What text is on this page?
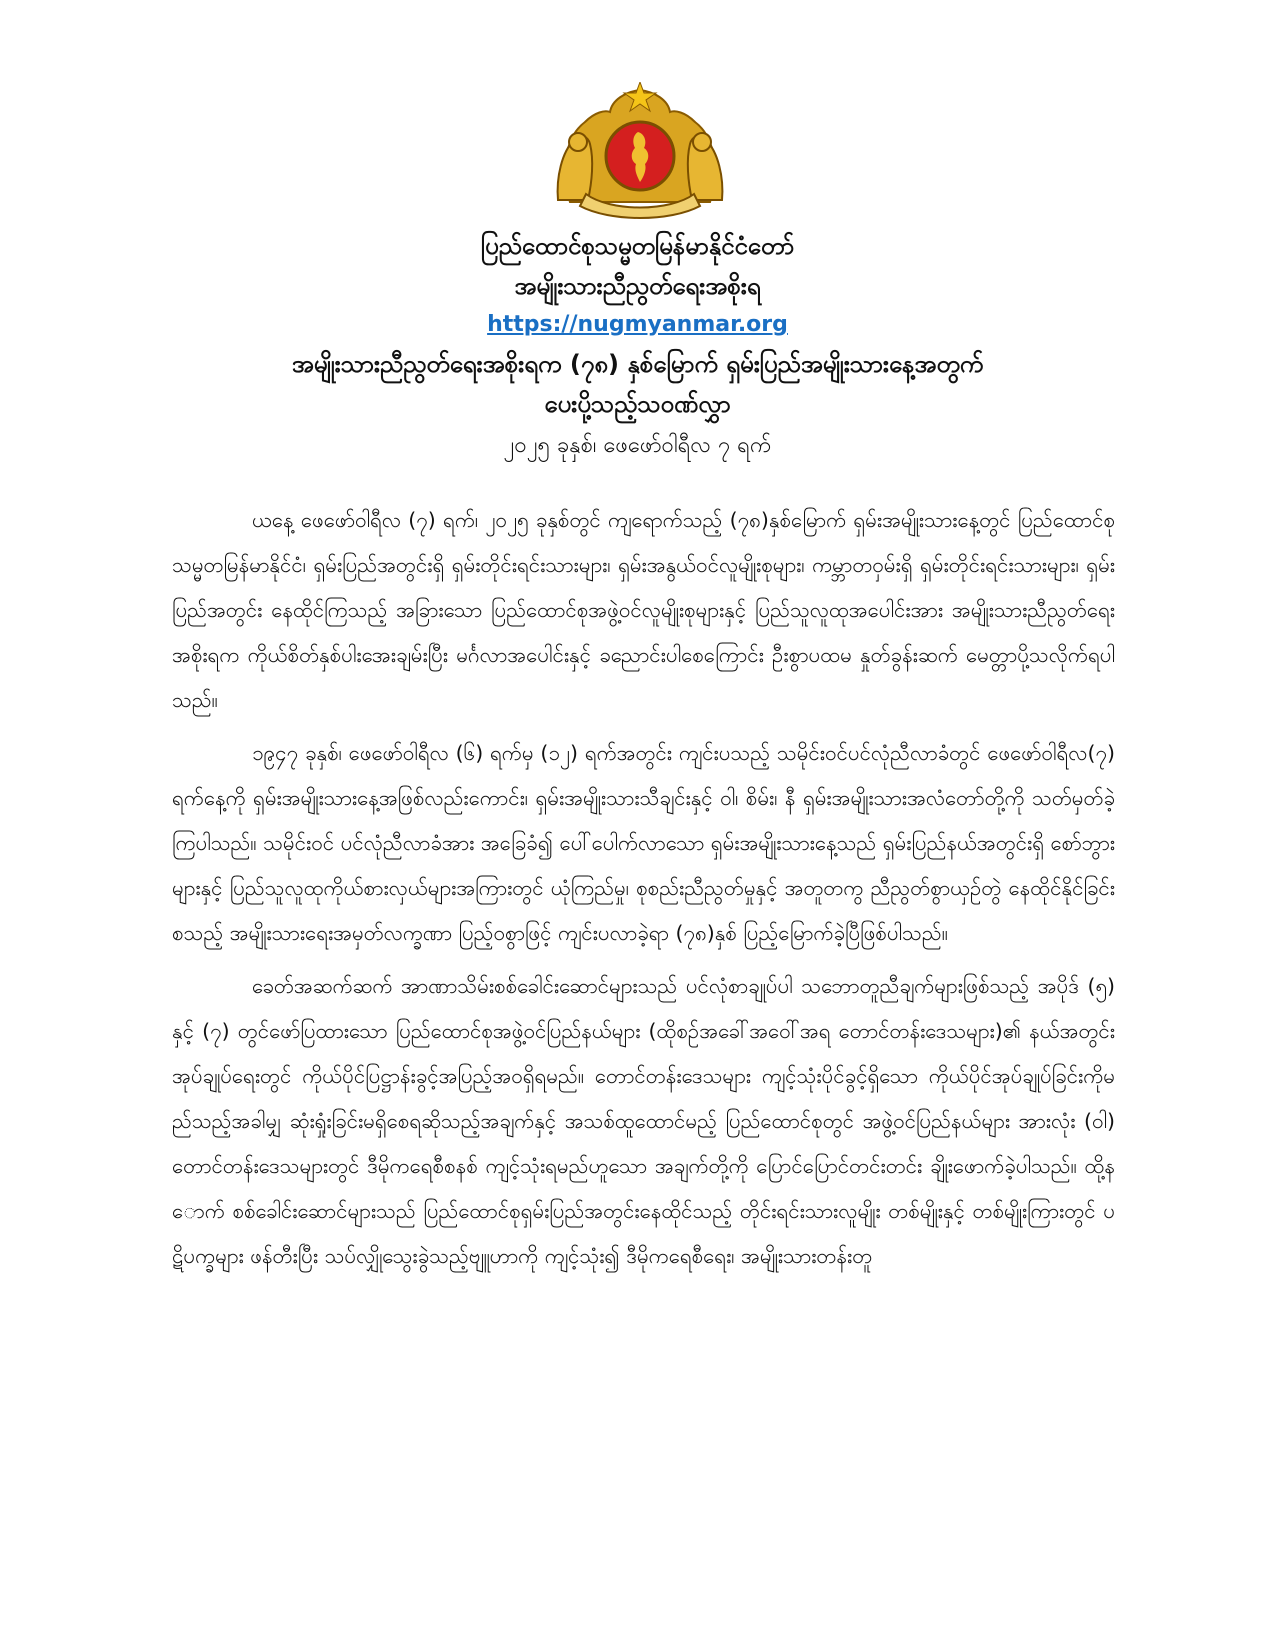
ပြည်ထောင်စုသမ္မတမြန်မာနိုင်ငံတော်
အမျိုးသားညီညွတ်ရေးအစိုးရ
https://nugmyanmar.org
အမျိုးသားညီညွတ်ရေးအစိုးရက (၇၈) နှစ်မြောက် ရှမ်းပြည်အမျိုးသားနေ့အတွက်
ပေးပို့သည့်သဝဏ်လွှာ
၂၀၂၅ ခုနှစ်၊ ဖေဖော်ဝါရီလ ၇ ရက်

ယနေ့ ဖေဖော်ဝါရီလ (၇) ရက်၊ ၂၀၂၅ ခုနှစ်တွင် ကျရောက်သည့် (၇၈)နှစ်မြောက် ရှမ်းအမျိုးသားနေ့တွင် ပြည်ထောင်စုသမ္မတမြန်မာနိုင်ငံ၊ ရှမ်းပြည်အတွင်းရှိ ရှမ်းတိုင်းရင်းသားများ၊ ရှမ်းအနွယ်ဝင်လူမျိုးစုများ၊ ကမ္ဘာတဝှမ်းရှိ ရှမ်းတိုင်းရင်းသားများ၊ ရှမ်းပြည်အတွင်း နေထိုင်ကြသည့် အခြားသော ပြည်ထောင်စုအဖွဲ့ဝင်လူမျိုးစုများနှင့် ပြည်သူလူထုအပေါင်းအား အမျိုးသားညီညွတ်ရေး အစိုးရက ကိုယ်စိတ်နှစ်ပါးအေးချမ်းပြီး မင်္ဂလာအပေါင်းနှင့် ခညောင်းပါစေကြောင်း ဦးစွာပထမ နှုတ်ခွန်းဆက် မေတ္တာပို့သလိုက်ရပါသည်။

၁၉၄၇ ခုနှစ်၊ ဖေဖော်ဝါရီလ (၆) ရက်မှ (၁၂) ရက်အတွင်း ကျင်းပသည့် သမိုင်းဝင်ပင်လုံညီလာခံတွင် ဖေဖော်ဝါရီလ(၇)ရက်နေ့ကို ရှမ်းအမျိုးသားနေ့အဖြစ်လည်းကောင်း၊ ရှမ်းအမျိုးသားသီချင်းနှင့် ဝါ၊ စိမ်း၊ နီ ရှမ်းအမျိုးသားအလံတော်တို့ကို သတ်မှတ်ခဲ့ကြပါသည်။ သမိုင်းဝင် ပင်လုံညီလာခံအား အခြေခံ၍ ပေါ်ပေါက်လာသော ရှမ်းအမျိုးသားနေ့သည် ရှမ်းပြည်နယ်အတွင်းရှိ စော်ဘွားများနှင့် ပြည်သူလူထုကိုယ်စားလှယ်များအကြားတွင် ယုံကြည်မှု၊ စုစည်းညီညွတ်မှုနှင့် အတူတကွ ညီညွတ်စွာယှဉ်တွဲ နေထိုင်နိုင်ခြင်းစသည့် အမျိုးသားရေးအမှတ်လက္ခဏာ ပြည့်ဝစွာဖြင့် ကျင်းပလာခဲ့ရာ (၇၈)နှစ် ပြည့်မြောက်ခဲ့ပြီဖြစ်ပါသည်။

ခေတ်အဆက်ဆက် အာဏာသိမ်းစစ်ခေါင်းဆောင်များသည် ပင်လုံစာချုပ်ပါ သဘောတူညီချက်များဖြစ်သည့် အပိုဒ် (၅) နှင့် (၇) တွင်ဖော်ပြထားသော ပြည်ထောင်စုအဖွဲ့ဝင်ပြည်နယ်များ (ထိုစဉ်အခေါ်အဝေါ်အရ တောင်တန်းဒေသများ)၏ နယ်အတွင်းအုပ်ချုပ်ရေးတွင် ကိုယ်ပိုင်ပြဋ္ဌာန်းခွင့်အပြည့်အဝရှိရမည်။ တောင်တန်းဒေသများ ကျင့်သုံးပိုင်ခွင့်ရှိသော ကိုယ်ပိုင်အုပ်ချုပ်ခြင်းကိုမည်သည့်အခါမျှ ဆုံးရှုံးခြင်းမရှိစေရဆိုသည့်အချက်နှင့် အသစ်ထူထောင်မည့် ပြည်ထောင်စုတွင် အဖွဲ့ဝင်ပြည်နယ်များ အားလုံး (ဝါ) တောင်တန်းဒေသများတွင် ဒီမိုကရေစီစနစ် ကျင့်သုံးရမည်ဟူသော အချက်တို့ကို ပြောင်ပြောင်တင်းတင်း ချိုးဖောက်ခဲ့ပါသည်။ ထို့နောက် စစ်ခေါင်းဆောင်များသည် ပြည်ထောင်စုရှမ်းပြည်အတွင်းနေထိုင်သည့် တိုင်းရင်းသားလူမျိုး တစ်မျိုးနှင့် တစ်မျိုးကြားတွင် ပဋိပက္ခများ ဖန်တီးပြီး သပ်လျှိုသွေးခွဲသည့်ဗျူဟာကို ကျင့်သုံး၍ ဒီမိုကရေစီရေး၊ အမျိုးသားတန်းတူ
